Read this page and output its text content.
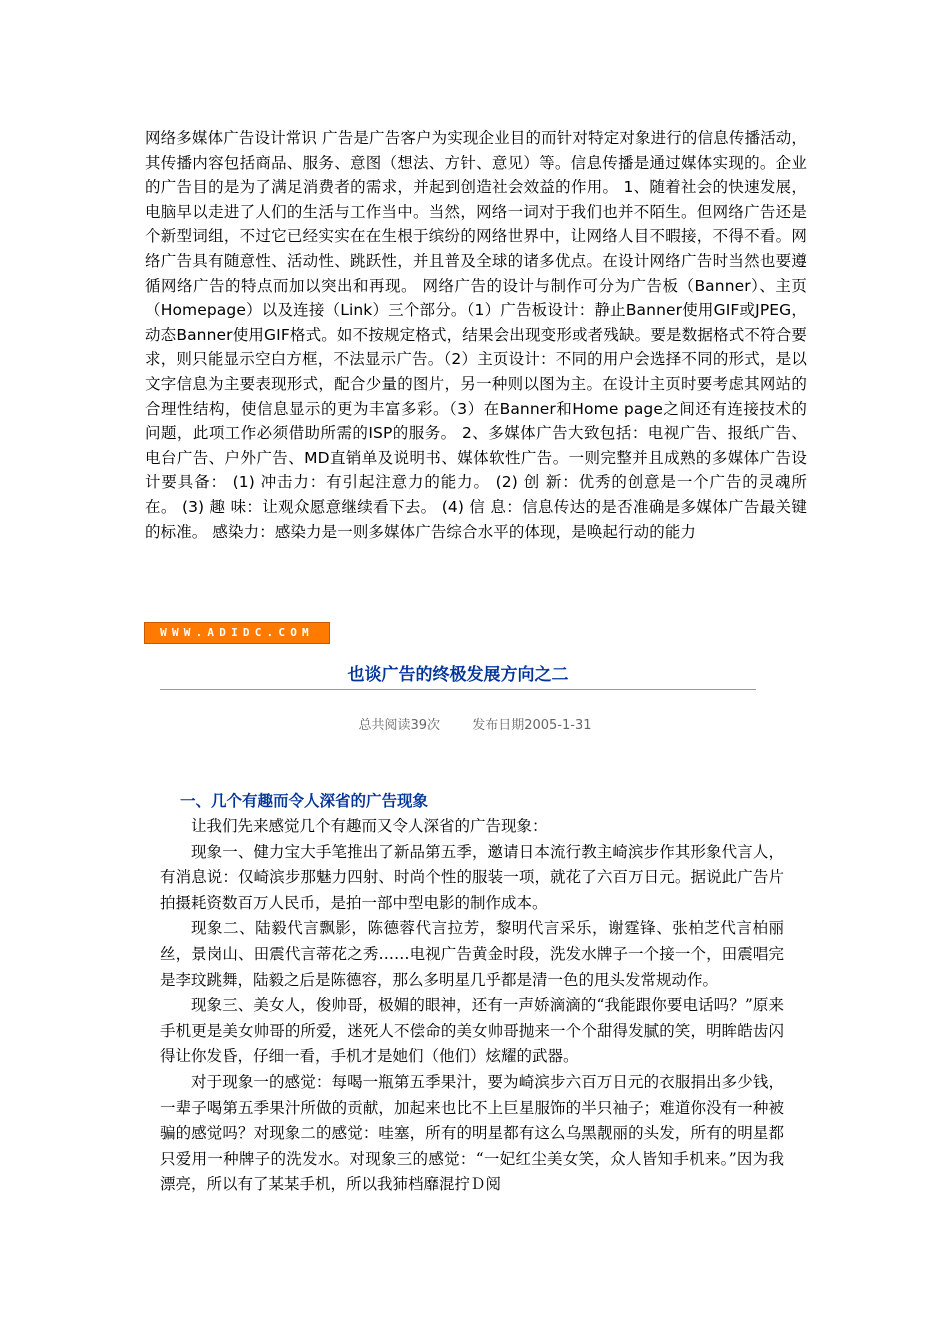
网络多媒体广告设计常识 广告是广告客户为实现企业目的而针对特定对象进行的信息传播活动，其传播内容包括商品、服务、意图（想法、方针、意见）等。信息传播是通过媒体实现的。企业的广告目的是为了满足消费者的需求，并起到创造社会效益的作用。 1、随着社会的快速发展，电脑早以走进了人们的生活与工作当中。当然，网络一词对于我们也并不陌生。但网络广告还是个新型词组，不过它已经实实在在生根于缤纷的网络世界中，让网络人目不暇接，不得不看。网络广告具有随意性、活动性、跳跃性，并且普及全球的诸多优点。在设计网络广告时当然也要遵循网络广告的特点而加以突出和再现。 网络广告的设计与制作可分为广告板（Banner）、主页（Homepage）以及连接（Link）三个部分。（1）广告板设计：静止Banner使用GIF或JPEG，动态Banner使用GIF格式。如不按规定格式，结果会出现变形或者残缺。要是数据格式不符合要求，则只能显示空白方框，不法显示广告。（2）主页设计：不同的用户会选择不同的形式，是以文字信息为主要表现形式，配合少量的图片，另一种则以图为主。在设计主页时要考虑其网站的合理性结构，使信息显示的更为丰富多彩。（3）在Banner和Home page之间还有连接技术的问题，此项工作必须借助所需的ISP的服务。 2、多媒体广告大致包括：电视广告、报纸广告、电台广告、户外广告、MD直销单及说明书、媒体软性广告。一则完整并且成熟的多媒体广告设计要具备： (1) 冲击力：有引起注意力的能力。 (2) 创 新：优秀的创意是一个广告的灵魂所在。 (3) 趣 味：让观众愿意继续看下去。 (4) 信 息：信息传达的是否准确是多媒体广告最关键的标准。 感染力：感染力是一则多媒体广告综合水平的体现，是唤起行动的能力

WWW.ADIDC.COM
也谈广告的终极发展方向之二
总共阅读39次 发布日期2005-1-31
一、几个有趣而令人深省的广告现象

让我们先来感觉几个有趣而又令人深省的广告现象：

现象一、健力宝大手笔推出了新品第五季，邀请日本流行教主崎滨步作其形象代言人，有消息说：仅崎滨步那魅力四射、时尚个性的服装一项，就花了六百万日元。据说此广告片拍摄耗资数百万人民币，是拍一部中型电影的制作成本。

现象二、陆毅代言飘影，陈德蓉代言拉芳，黎明代言采乐，谢霆锋、张柏芝代言柏丽丝，景岗山、田震代言蒂花之秀……电视广告黄金时段，洗发水牌子一个接一个，田震唱完是李玟跳舞，陆毅之后是陈德容，那么多明星几乎都是清一色的甩头发常规动作。

现象三、美女人，俊帅哥，极媚的眼神，还有一声娇滴滴的“我能跟你要电话吗？”原来手机更是美女帅哥的所爱，迷死人不偿命的美女帅哥抛来一个个甜得发腻的笑，明眸皓齿闪得让你发昏，仔细一看，手机才是她们（他们）炫耀的武器。

对于现象一的感觉：每喝一瓶第五季果汁，要为崎滨步六百万日元的衣服捐出多少钱，一辈子喝第五季果汁所做的贡献，加起来也比不上巨星服饰的半只袖子；难道你没有一种被骗的感觉吗？对现象二的感觉：哇塞，所有的明星都有这么乌黑靓丽的头发，所有的明星都只爱用一种牌子的洗发水。对现象三的感觉：“一妃红尘美女笑，众人皆知手机来。”因为我漂亮，所以有了某某手机，所以我犻档靡混拧Ｄ阅
